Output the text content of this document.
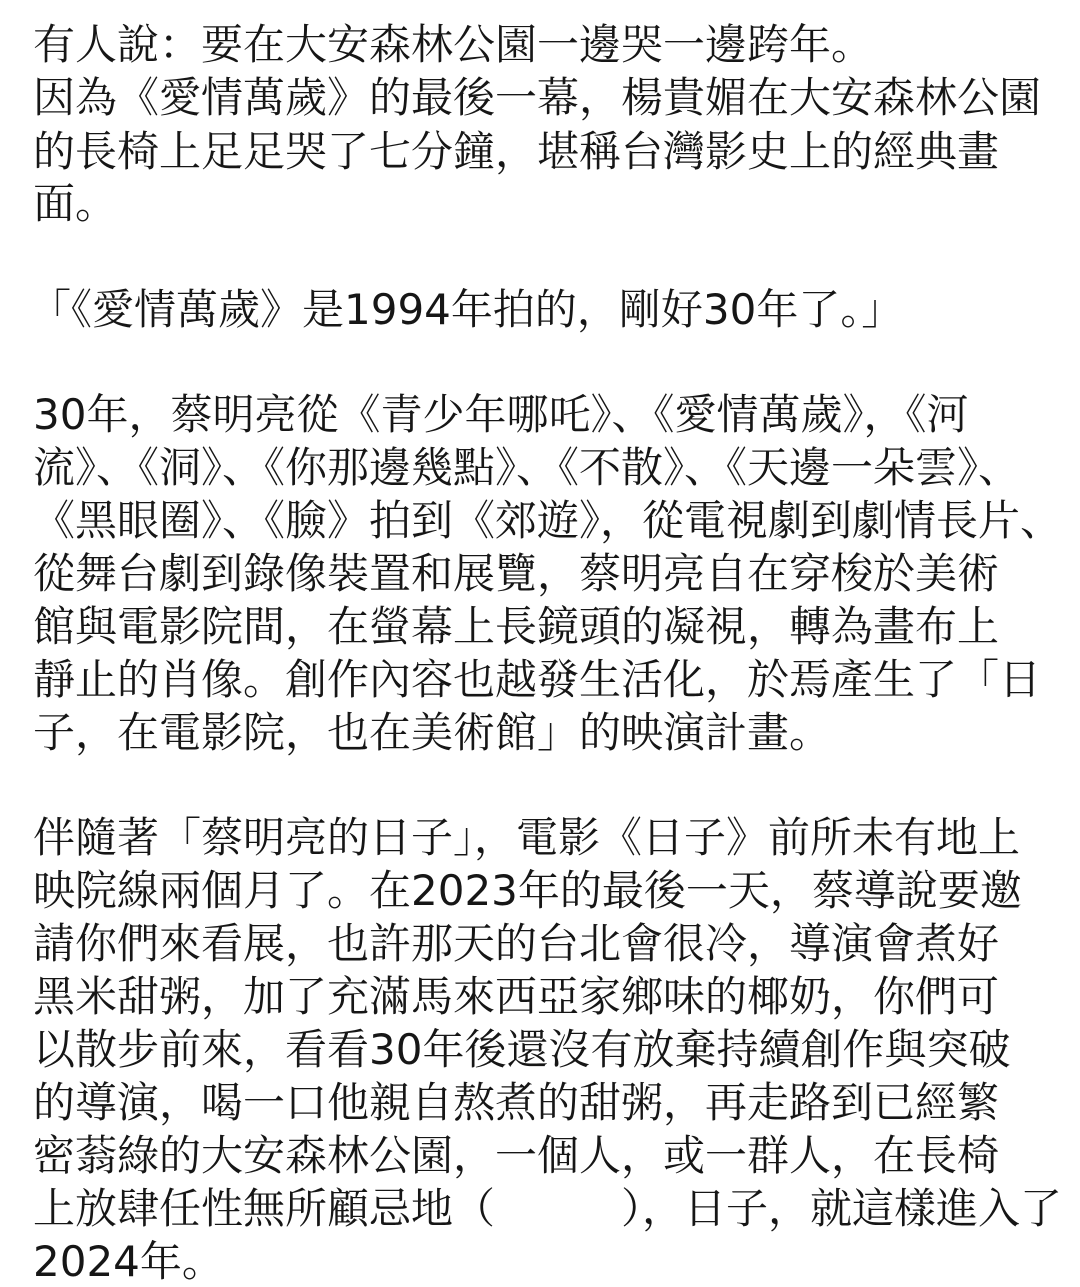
有人說：要在大安森林公園一邊哭一邊跨年。
因為《愛情萬歲》的最後一幕，楊貴媚在大安森林公園
的長椅上足足哭了七分鐘，堪稱台灣影史上的經典畫
面。
「《愛情萬歲》是1994年拍的，剛好30年了。」
30年，蔡明亮從《青少年哪吒》、《愛情萬歲》，《河
流》、《洞》、《你那邊幾點》、《不散》、《天邊一朵雲》、
《黑眼圈》、《臉》拍到《郊遊》，從電視劇到劇情長片、
從舞台劇到錄像裝置和展覽，蔡明亮自在穿梭於美術
館與電影院間，在螢幕上長鏡頭的凝視，轉為畫布上
靜止的肖像。創作內容也越發生活化，於焉產生了「日
子，在電影院，也在美術館」的映演計畫。
伴隨著「蔡明亮的日子」，電影《日子》前所未有地上
映院線兩個月了。在2023年的最後一天，蔡導說要邀
請你們來看展，也許那天的台北會很冷，導演會煮好
黑米甜粥，加了充滿馬來西亞家鄉味的椰奶，你們可
以散步前來，看看30年後還沒有放棄持續創作與突破
的導演，喝一口他親自熬煮的甜粥，再走路到已經繁
密蓊綠的大安森林公園，一個人，或一群人，在長椅
上放肆任性無所顧忌地（	），日子，就這樣進入了
2024年。
